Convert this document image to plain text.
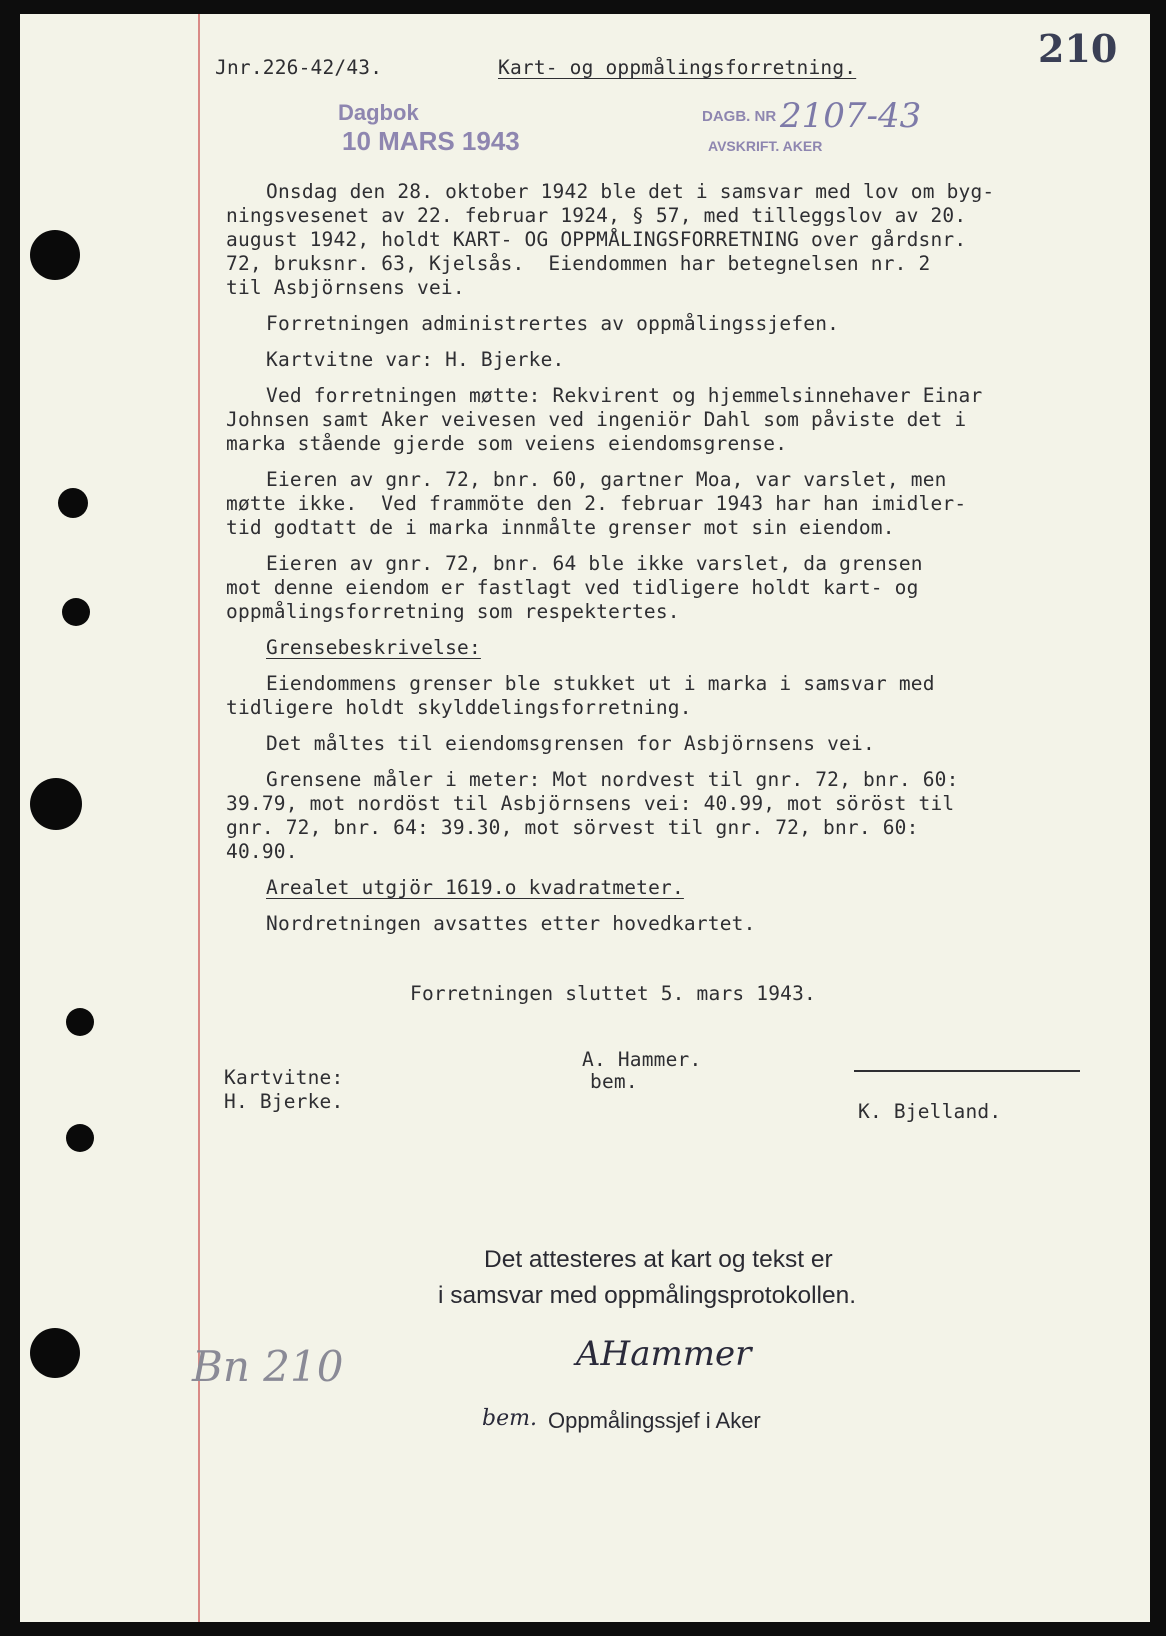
Jnr.226-42/43.	Kart- og oppmålingsforretning.	210
Dagbok
10 MARS 1943
DAGB. NR 2107-43
AVSKRIFT. AKER
Onsdag den 28. oktober 1942 ble det i samsvar med lov om byg-
ningsvesenet av 22. februar 1924, § 57, med tilleggslov av 20.
august 1942, holdt KART- OG OPPMÅLINGSFORRETNING over gårdsnr.
72, bruksnr. 63, Kjelsås.  Eiendommen har betegnelsen nr. 2
til Asbjörnsens vei.
Forretningen administrertes av oppmålingssjefen.
Kartvitne var: H. Bjerke.
Ved forretningen møtte: Rekvirent og hjemmelsinnehaver Einar
Johnsen samt Aker veivesen ved ingeniör Dahl som påviste det i
marka stående gjerde som veiens eiendomsgrense.
Eieren av gnr. 72, bnr. 60, gartner Moa, var varslet, men
møtte ikke.  Ved frammöte den 2. februar 1943 har han imidler-
tid godtatt de i marka innmålte grenser mot sin eiendom.
Eieren av gnr. 72, bnr. 64 ble ikke varslet, da grensen
mot denne eiendom er fastlagt ved tidligere holdt kart- og
oppmålingsforretning som respektertes.
Grensebeskrivelse:
Eiendommens grenser ble stukket ut i marka i samsvar med
tidligere holdt skylddelingsforretning.
Det måltes til eiendomsgrensen for Asbjörnsens vei.
Grensene måler i meter: Mot nordvest til gnr. 72, bnr. 60:
39.79, mot nordöst til Asbjörnsens vei: 40.99, mot söröst til
gnr. 72, bnr. 64: 39.30, mot sörvest til gnr. 72, bnr. 60:
40.90.
Arealet utgjör 1619.o kvadratmeter.
Nordretningen avsattes etter hovedkartet.
Forretningen sluttet 5. mars 1943.
Kartvitne:
H. Bjerke.
A. Hammer.
bem.
K. Bjelland.
Det attesteres at kart og tekst er
i samsvar med oppmålingsprotokollen.
AHammer
bem. Oppmålingssjef i Aker
Bn 210
